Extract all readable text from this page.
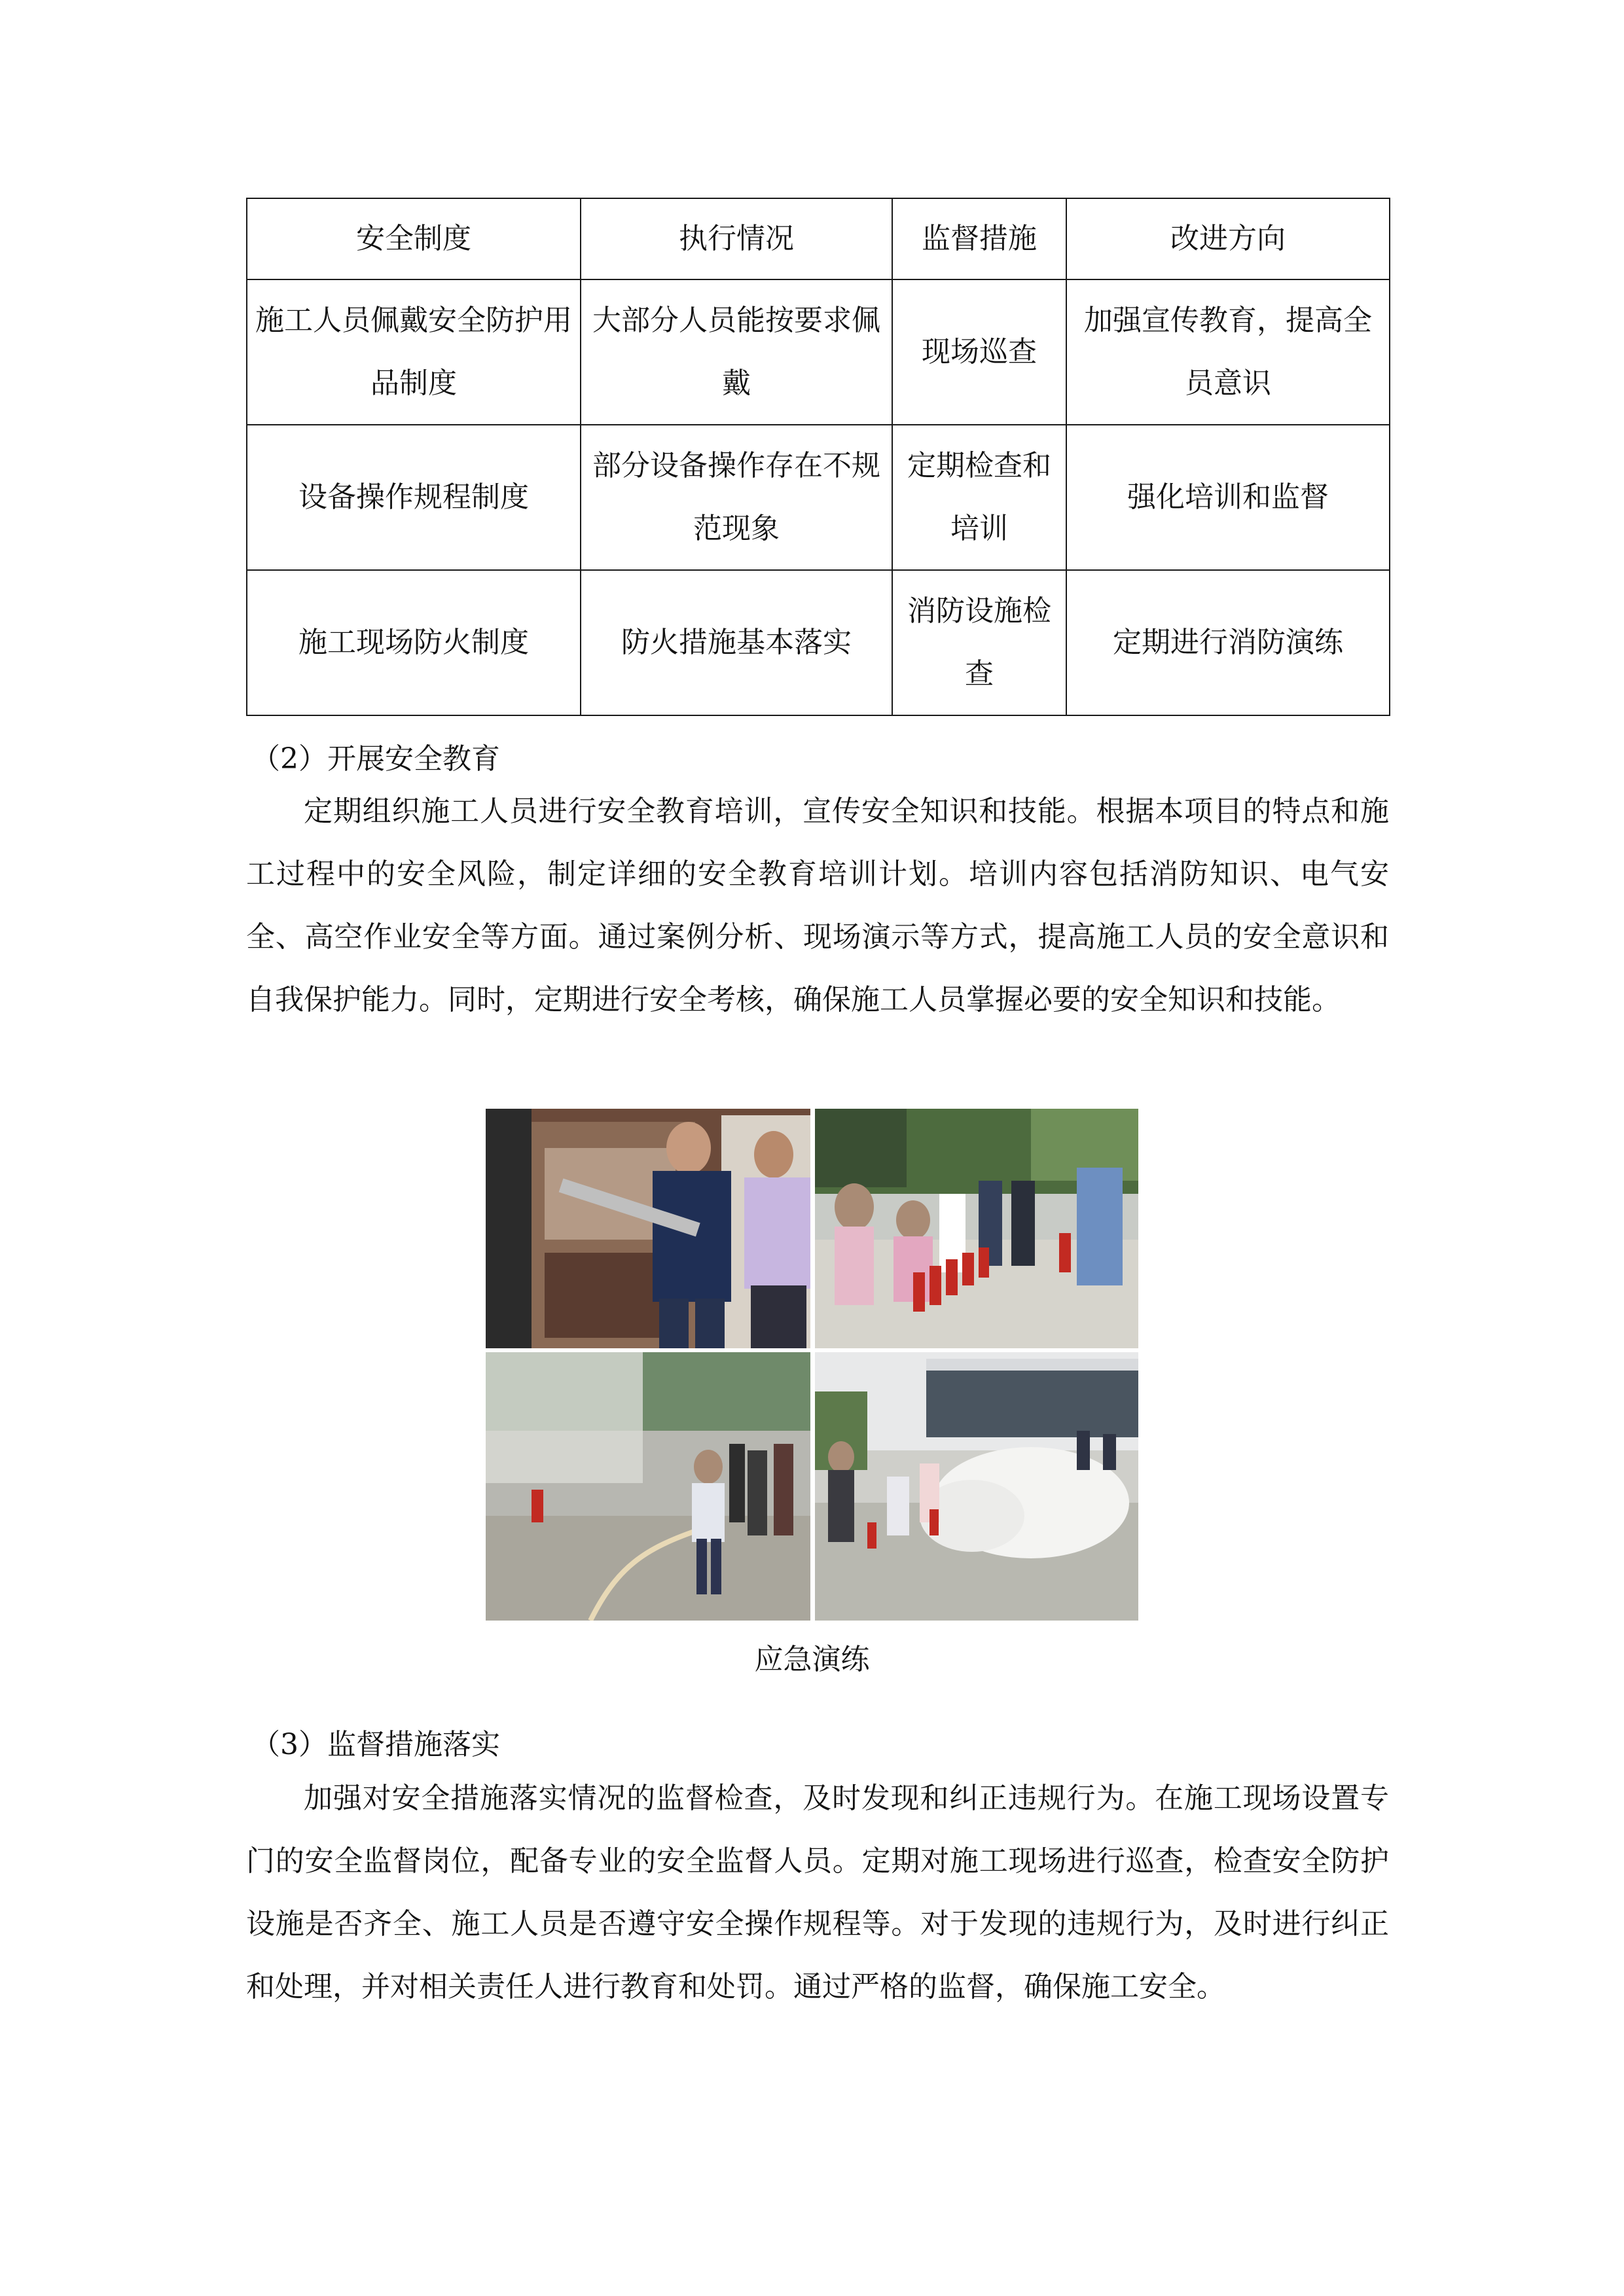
安全制度	执行情况	监督措施	改进方向
施工人员佩戴安全防护用品制度	大部分人员能按要求佩戴	现场巡查	加强宣传教育，提高全员意识
设备操作规程制度	部分设备操作存在不规范现象	定期检查和培训	强化培训和监督
施工现场防火制度	防火措施基本落实	消防设施检查	定期进行消防演练
（2）开展安全教育

定期组织施工人员进行安全教育培训，宣传安全知识和技能。根据本项目的特点和施工过程中的安全风险，制定详细的安全教育培训计划。培训内容包括消防知识、电气安全、高空作业安全等方面。通过案例分析、现场演示等方式，提高施工人员的安全意识和自我保护能力。同时，定期进行安全考核，确保施工人员掌握必要的安全知识和技能。

应急演练
（3）监督措施落实

加强对安全措施落实情况的监督检查，及时发现和纠正违规行为。在施工现场设置专门的安全监督岗位，配备专业的安全监督人员。定期对施工现场进行巡查，检查安全防护设施是否齐全、施工人员是否遵守安全操作规程等。对于发现的违规行为，及时进行纠正和处理，并对相关责任人进行教育和处罚。通过严格的监督，确保施工安全。
